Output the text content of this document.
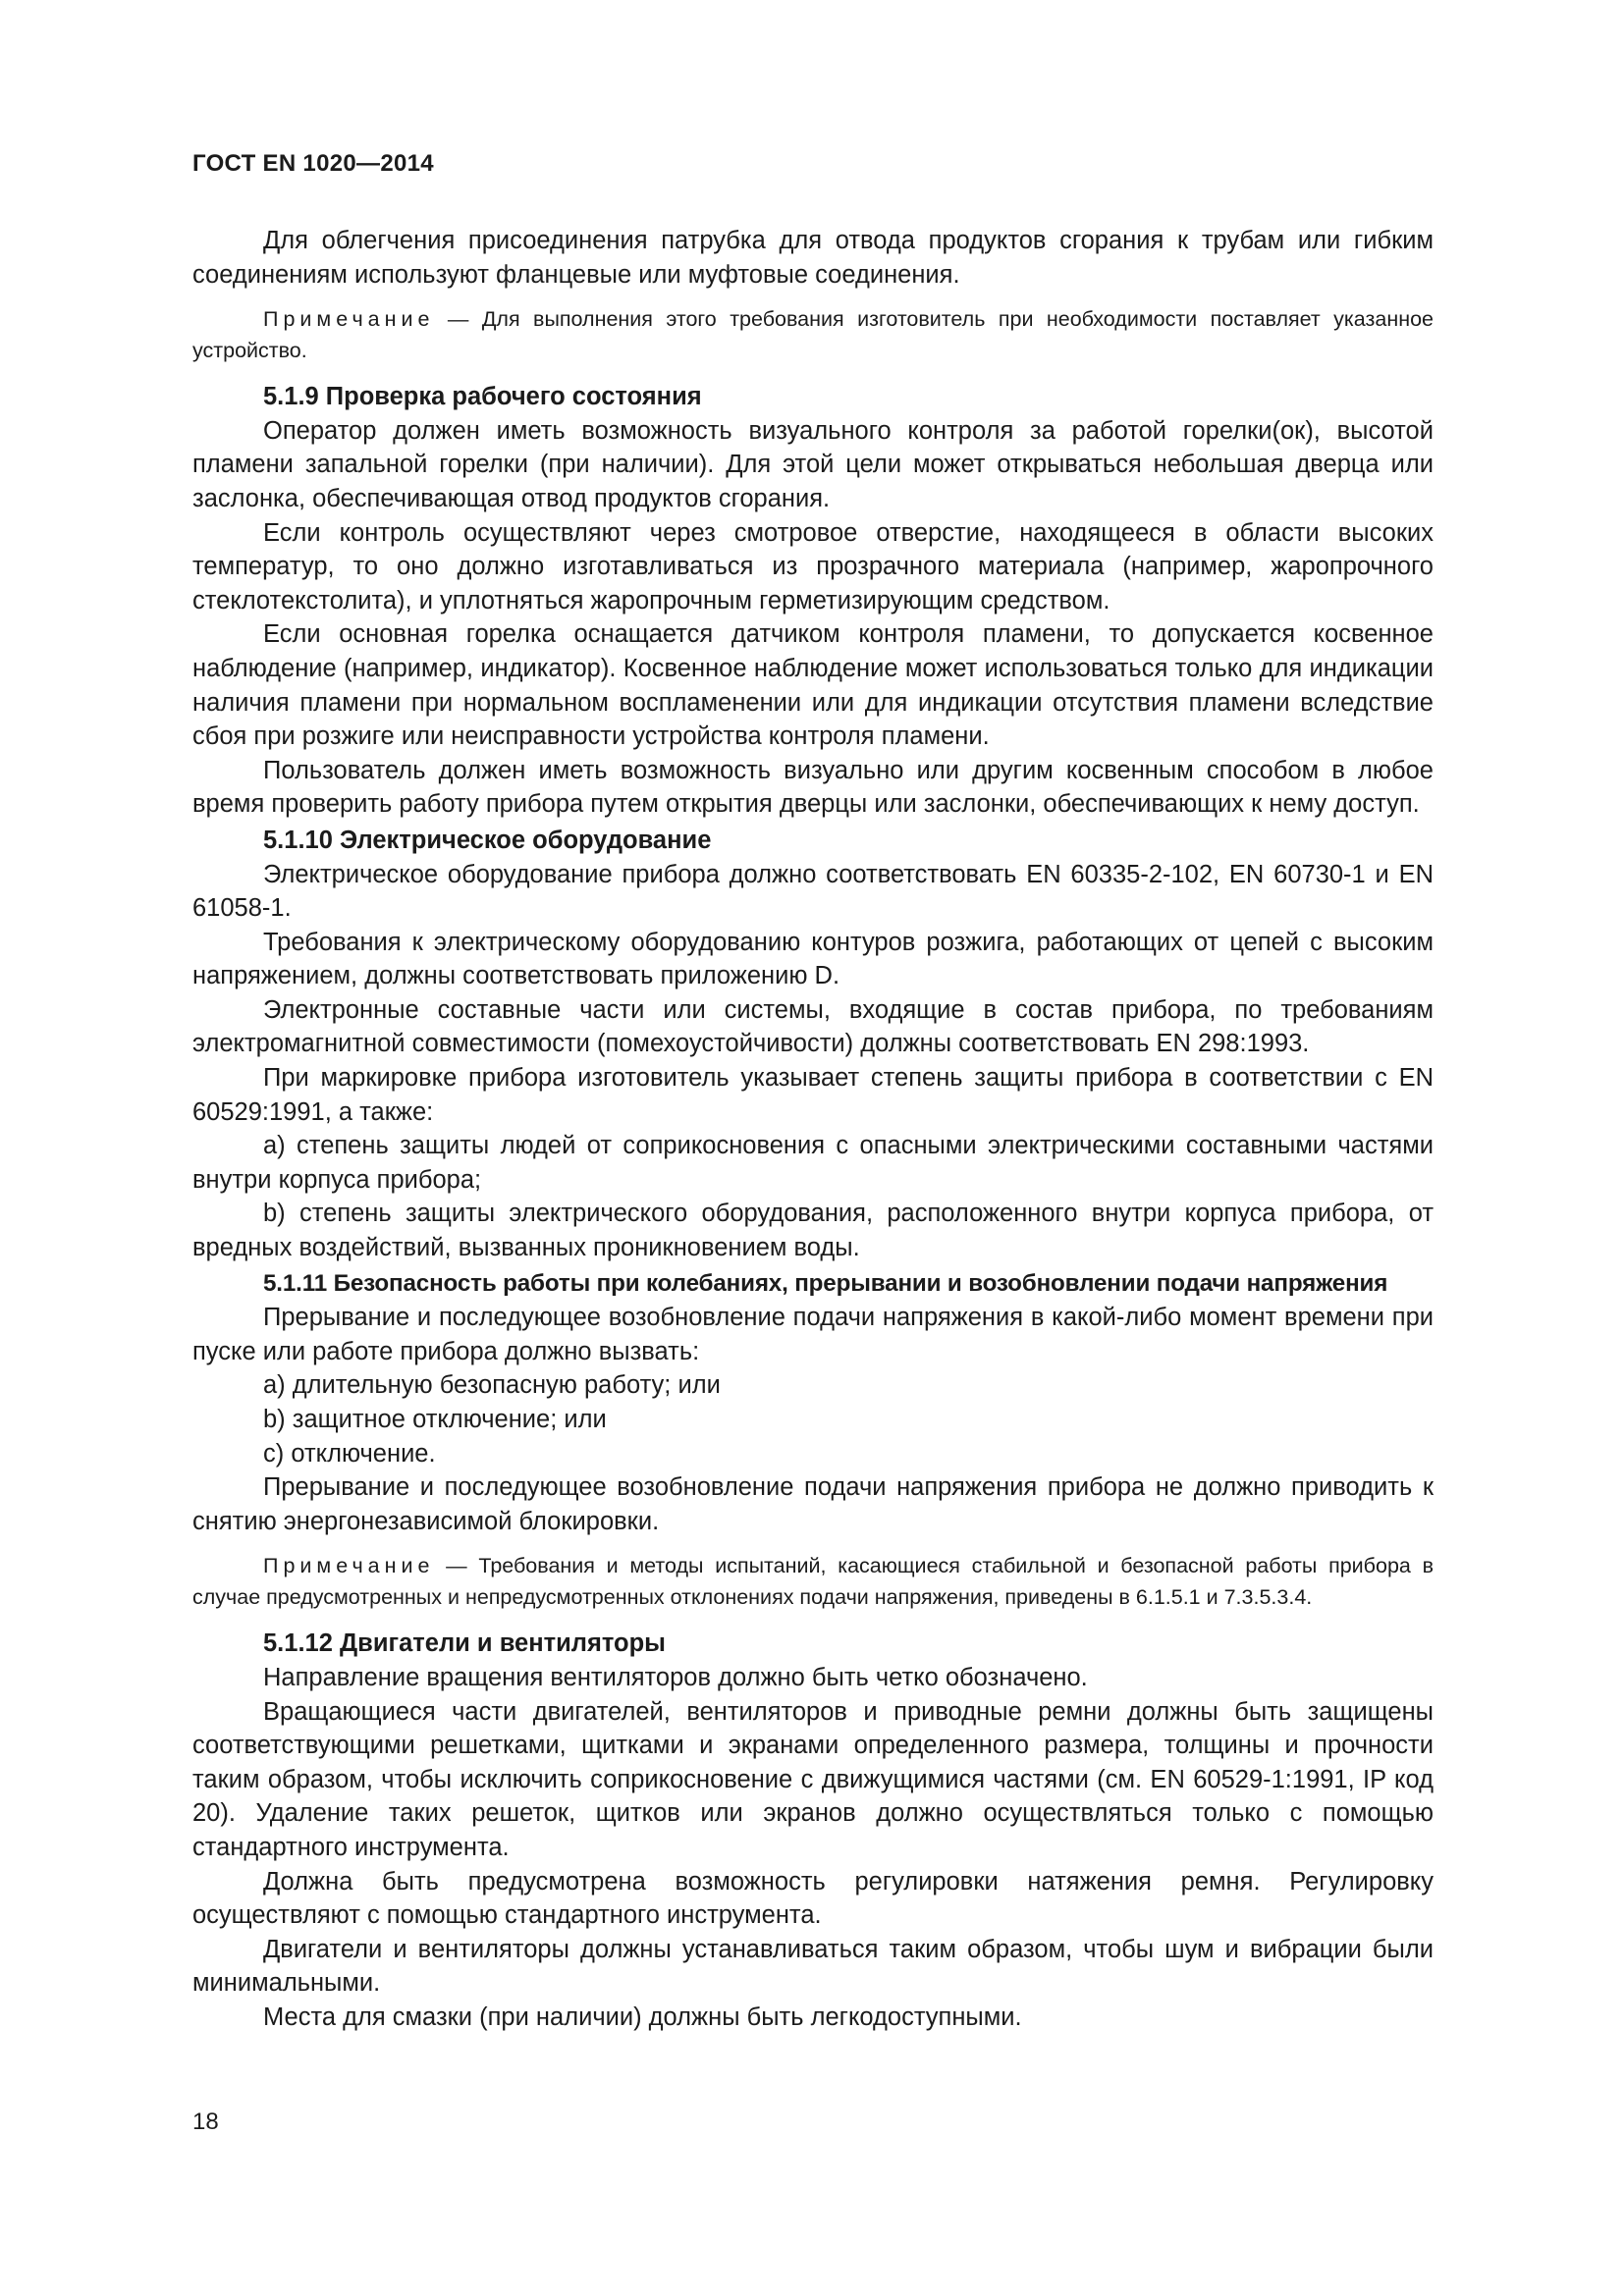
ГОСТ EN 1020—2014

Для облегчения присоединения патрубка для отвода продуктов сгорания к трубам или гибким соединениям используют фланцевые или муфтовые соединения.

Примечание — Для выполнения этого требования изготовитель при необходимости поставляет указанное устройство.

5.1.9 Проверка рабочего состояния

Оператор должен иметь возможность визуального контроля за работой горелки(ок), высотой пламени запальной горелки (при наличии). Для этой цели может открываться небольшая дверца или заслонка, обеспечивающая отвод продуктов сгорания.

Если контроль осуществляют через смотровое отверстие, находящееся в области высоких температур, то оно должно изготавливаться из прозрачного материала (например, жаропрочного стеклотекстолита), и уплотняться жаропрочным герметизирующим средством.

Если основная горелка оснащается датчиком контроля пламени, то допускается косвенное наблюдение (например, индикатор). Косвенное наблюдение может использоваться только для индикации наличия пламени при нормальном воспламенении или для индикации отсутствия пламени вследствие сбоя при розжиге или неисправности устройства контроля пламени.

Пользователь должен иметь возможность визуально или другим косвенным способом в любое время проверить работу прибора путем открытия дверцы или заслонки, обеспечивающих к нему доступ.

5.1.10 Электрическое оборудование

Электрическое оборудование прибора должно соответствовать EN 60335-2-102, EN 60730-1 и EN 61058-1.

Требования к электрическому оборудованию контуров розжига, работающих от цепей с высоким напряжением, должны соответствовать приложению D.

Электронные составные части или системы, входящие в состав прибора, по требованиям электромагнитной совместимости (помехоустойчивости) должны соответствовать EN 298:1993.

При маркировке прибора изготовитель указывает степень защиты прибора в соответствии с EN 60529:1991, а также:

a) степень защиты людей от соприкосновения с опасными электрическими составными частями внутри корпуса прибора;

b) степень защиты электрического оборудования, расположенного внутри корпуса прибора, от вредных воздействий, вызванных проникновением воды.

5.1.11 Безопасность работы при колебаниях, прерывании и возобновлении подачи напряжения

Прерывание и последующее возобновление подачи напряжения в какой-либо момент времени при пуске или работе прибора должно вызвать:

a) длительную безопасную работу; или

b) защитное отключение; или

c) отключение.

Прерывание и последующее возобновление подачи напряжения прибора не должно приводить к снятию энергонезависимой блокировки.

Примечание — Требования и методы испытаний, касающиеся стабильной и безопасной работы прибора в случае предусмотренных и непредусмотренных отклонениях подачи напряжения, приведены в 6.1.5.1 и 7.3.5.3.4.

5.1.12 Двигатели и вентиляторы

Направление вращения вентиляторов должно быть четко обозначено.

Вращающиеся части двигателей, вентиляторов и приводные ремни должны быть защищены соответствующими решетками, щитками и экранами определенного размера, толщины и прочности таким образом, чтобы исключить соприкосновение с движущимися частями (см. EN 60529-1:1991, IP код 20). Удаление таких решеток, щитков или экранов должно осуществляться только с помощью стандартного инструмента.

Должна быть предусмотрена возможность регулировки натяжения ремня. Регулировку осуществляют с помощью стандартного инструмента.

Двигатели и вентиляторы должны устанавливаться таким образом, чтобы шум и вибрации были минимальными.

Места для смазки (при наличии) должны быть легкодоступными.

18
